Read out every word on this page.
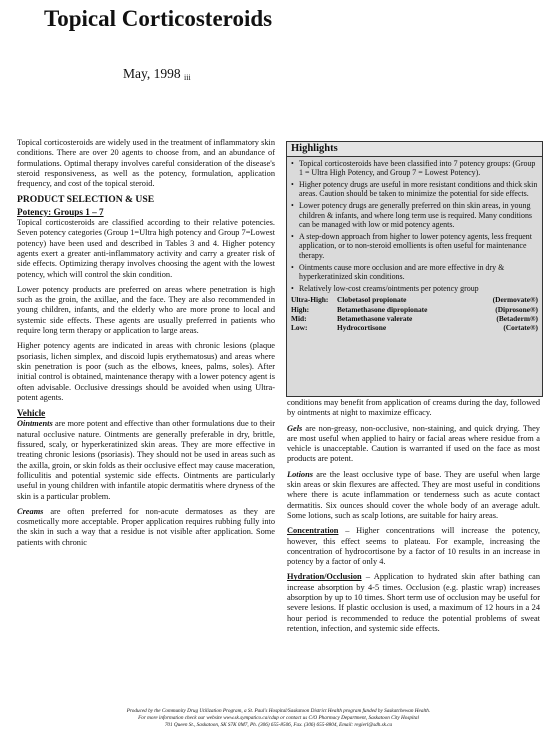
Topical Corticosteroids
May, 1998 $_{iii}$

Topical corticosteroids are widely used in the treatment of inflammatory skin conditions. There are over 20 agents to choose from, and an abundance of formulations. Optimal therapy involves careful consideration of the disease's steroid responsiveness, as well as the potency, formulation, application frequency, and cost of the topical steroid.

PRODUCT SELECTION & USE
Potency: Groups 1 – 7

Topical corticosteroids are classified according to their relative potencies. Seven potency categories (Group 1=Ultra high potency and Group 7=Lowest potency) have been used and described in Tables 3 and 4. Higher potency agents exert a greater anti-inflammatory activity and carry a greater risk of side effects. Optimizing therapy involves choosing the agent with the lowest potency, which will control the skin condition.

Lower potency products are preferred on areas where penetration is high such as the groin, the axillae, and the face. They are also recommended in young children, infants, and the elderly who are more prone to local and systemic side effects. These agents are usually preferred in patients who require long term therapy or application to large areas.

Higher potency agents are indicated in areas with chronic lesions (plaque psoriasis, lichen simplex, and discoid lupis erythematosus) and areas where skin penetration is poor (such as the elbows, knees, palms, soles). After initial control is obtained, maintenance therapy with a lower potency agent is often advisable. Occlusive dressings should be avoided when using Ultra-potent agents.

Vehicle

Ointments are more potent and effective than other formulations due to their natural occlusive nature. Ointments are generally preferable in dry, brittle, fissured, scaly, or hyperkeratinized skin areas. They are more effective in treating chronic lesions (psoriasis). They should not be used in areas such as the axilla, groin, or skin folds as their occlusive effect may cause maceration, folliculitis and potential systemic side effects. Ointments are particularly useful in young children with infantile atopic dermatitis where dryness of the skin is a particular problem.

Creams are often preferred for non-acute dermatoses as they are cosmetically more acceptable. Proper application requires rubbing fully into the skin in such a way that a residue is not visible after application. Some patients with chronic

Highlights
• Topical corticosteroids have been classified into 7 potency groups: (Group 1 = Ultra High Potency, and Group 7 = Lowest Potency).
• Higher potency drugs are useful in more resistant conditions and thick skin areas. Caution should be taken to minimize the potential for side effects.
• Lower potency drugs are generally preferred on thin skin areas, in young children & infants, and where long term use is required. Many conditions can be managed with low or mid potency agents.
• A step-down approach from higher to lower potency agents, less frequent application, or to non-steroid emollients is often useful for maintenance therapy.
• Ointments cause more occlusion and are more effective in dry & hyperkeratinized skin conditions.
• Relatively low-cost creams/ointments per potency group
Ultra-High:	Clobetasol propionate	(Dermovate®)
High:	Betamethasone dipropionate	(Diprosone®)
Mid:	Betamethasone valerate	(Betaderm®)
Low:	Hydrocortisone	(Cortate®)

conditions may benefit from application of creams during the day, followed by ointments at night to maximize efficacy.

Gels are non-greasy, non-occlusive, non-staining, and quick drying. They are most useful when applied to hairy or facial areas where residue from a vehicle is unacceptable. Caution is warranted if used on the face as most products are potent.

Lotions are the least occlusive type of base. They are useful when large skin areas or skin flexures are affected. They are most useful in conditions where there is acute inflammation or tenderness such as acute contact dermatitis. Six ounces should cover the whole body of an average adult. Some lotions, such as scalp lotions, are suitable for hairy areas.

Concentration – Higher concentrations will increase the potency, however, this effect seems to plateau. For example, increasing the concentration of hydrocortisone by a factor of 10 results in an increase in potency by a factor of only 4.

Hydration/Occlusion – Application to hydrated skin after bathing can increase absorption by 4-5 times. Occlusion (e.g. plastic wrap) increases absorption by up to 10 times. Short term use of occlusion may be useful for severe lesions. If plastic occlusion is used, a maximum of 12 hours in a 24 hour period is recommended to reduce the potential problems of sweat retention, infection, and systemic side effects.

Produced by the Community Drug Utilization Program, a St. Paul's Hospital/Saskatoon District Health program funded by Saskatchewan Health.
For more information check our website www.sk.sympatico.ca/cdup or contact us C/O Pharmacy Department, Saskatoon City Hospital
701 Queen St., Saskatoon, SK S7K 0M7, Ph. (306) 655-8506, Fax. (306) 655-8804, Email: regierl@sdh.sk.ca
